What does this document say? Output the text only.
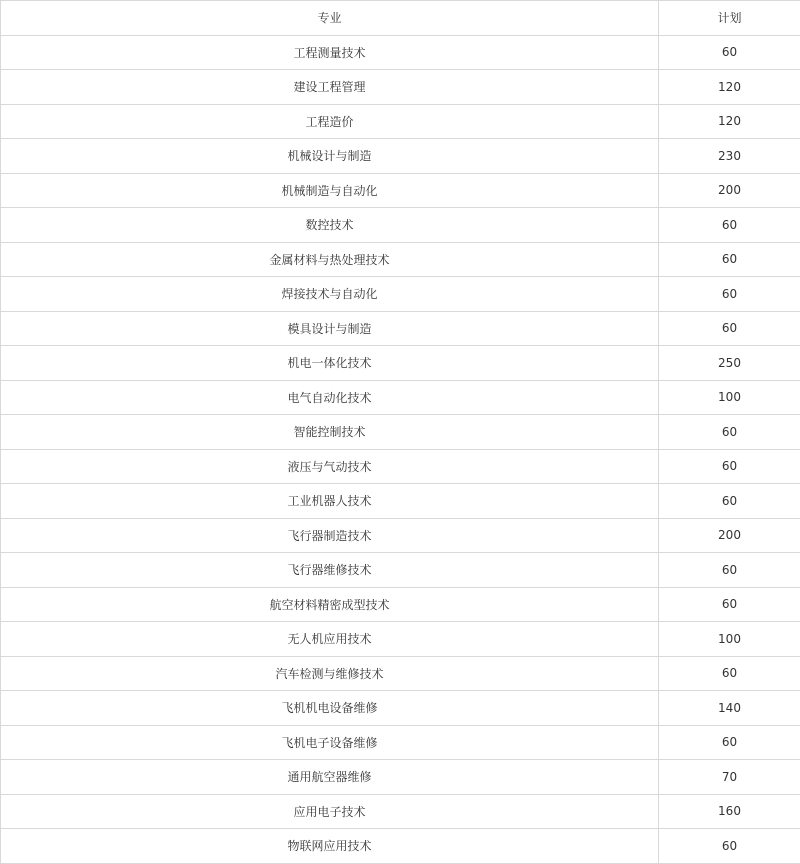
专业	计划
工程测量技术	60
建设工程管理	120
工程造价	120
机械设计与制造	230
机械制造与自动化	200
数控技术	60
金属材料与热处理技术	60
焊接技术与自动化	60
模具设计与制造	60
机电一体化技术	250
电气自动化技术	100
智能控制技术	60
液压与气动技术	60
工业机器人技术	60
飞行器制造技术	200
飞行器维修技术	60
航空材料精密成型技术	60
无人机应用技术	100
汽车检测与维修技术	60
飞机机电设备维修	140
飞机电子设备维修	60
通用航空器维修	70
应用电子技术	160
物联网应用技术	60
